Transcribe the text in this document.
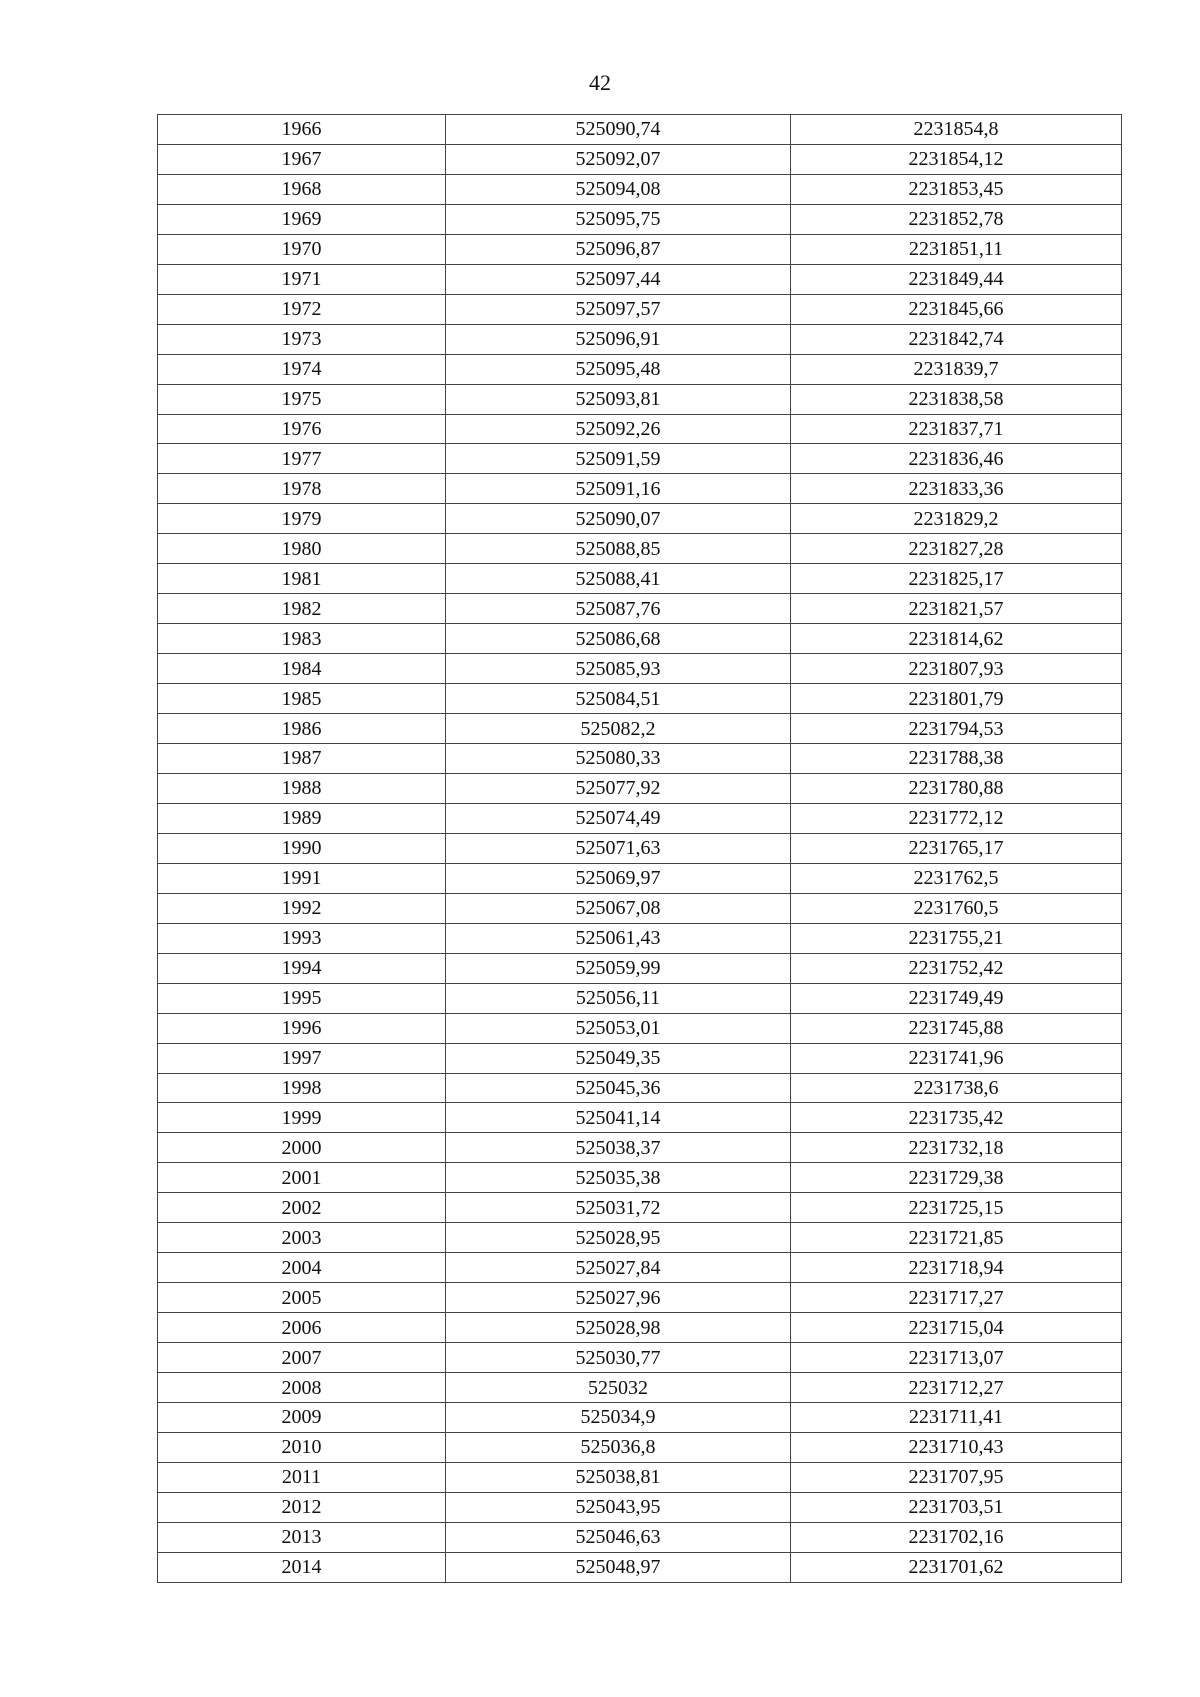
42
1966	525090,74	2231854,8
1967	525092,07	2231854,12
1968	525094,08	2231853,45
1969	525095,75	2231852,78
1970	525096,87	2231851,11
1971	525097,44	2231849,44
1972	525097,57	2231845,66
1973	525096,91	2231842,74
1974	525095,48	2231839,7
1975	525093,81	2231838,58
1976	525092,26	2231837,71
1977	525091,59	2231836,46
1978	525091,16	2231833,36
1979	525090,07	2231829,2
1980	525088,85	2231827,28
1981	525088,41	2231825,17
1982	525087,76	2231821,57
1983	525086,68	2231814,62
1984	525085,93	2231807,93
1985	525084,51	2231801,79
1986	525082,2	2231794,53
1987	525080,33	2231788,38
1988	525077,92	2231780,88
1989	525074,49	2231772,12
1990	525071,63	2231765,17
1991	525069,97	2231762,5
1992	525067,08	2231760,5
1993	525061,43	2231755,21
1994	525059,99	2231752,42
1995	525056,11	2231749,49
1996	525053,01	2231745,88
1997	525049,35	2231741,96
1998	525045,36	2231738,6
1999	525041,14	2231735,42
2000	525038,37	2231732,18
2001	525035,38	2231729,38
2002	525031,72	2231725,15
2003	525028,95	2231721,85
2004	525027,84	2231718,94
2005	525027,96	2231717,27
2006	525028,98	2231715,04
2007	525030,77	2231713,07
2008	525032	2231712,27
2009	525034,9	2231711,41
2010	525036,8	2231710,43
2011	525038,81	2231707,95
2012	525043,95	2231703,51
2013	525046,63	2231702,16
2014	525048,97	2231701,62
